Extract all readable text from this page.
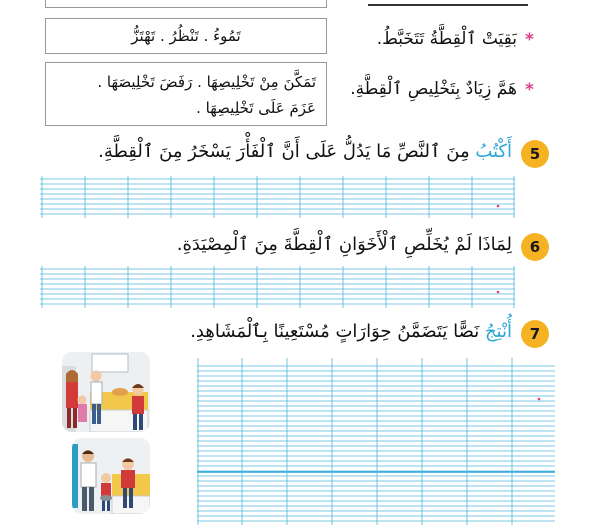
تَمُوءُ . تَنْظُرُ . تَهْتَزُّ	*
بَقِيَتْ ٱلْقِطَّةُ تَتَخَبَّطُ.
تَمَكَّنَ مِنْ تَخْلِيصِهَا . رَفَضَ تَخْلِيصَهَا .
عَزَمَ عَلَى تَخْلِيصِهَا .
*
هَمَّ زِيَادٌ بِتَخْلِيصِ ٱلْقِطَّةِ.
5
أَكْتُبُ مِنَ ٱلنَّصِّ مَا يَدُلُّ عَلَى أَنَّ ٱلْفَأْرَ يَسْخَرُ مِنَ ٱلْقِطَّةِ.
6
لِمَاذَا لَمْ يُخَلِّصِ ٱلْأَخَوَانِ ٱلْقِطَّةَ مِنَ ٱلْمِصْيَدَةِ.
7
أُنْتِجُ نَصًّا يَتَضَمَّنُ حِوَارَاتٍ مُسْتَعِينًا بِٱلْمَشَاهِدِ.
